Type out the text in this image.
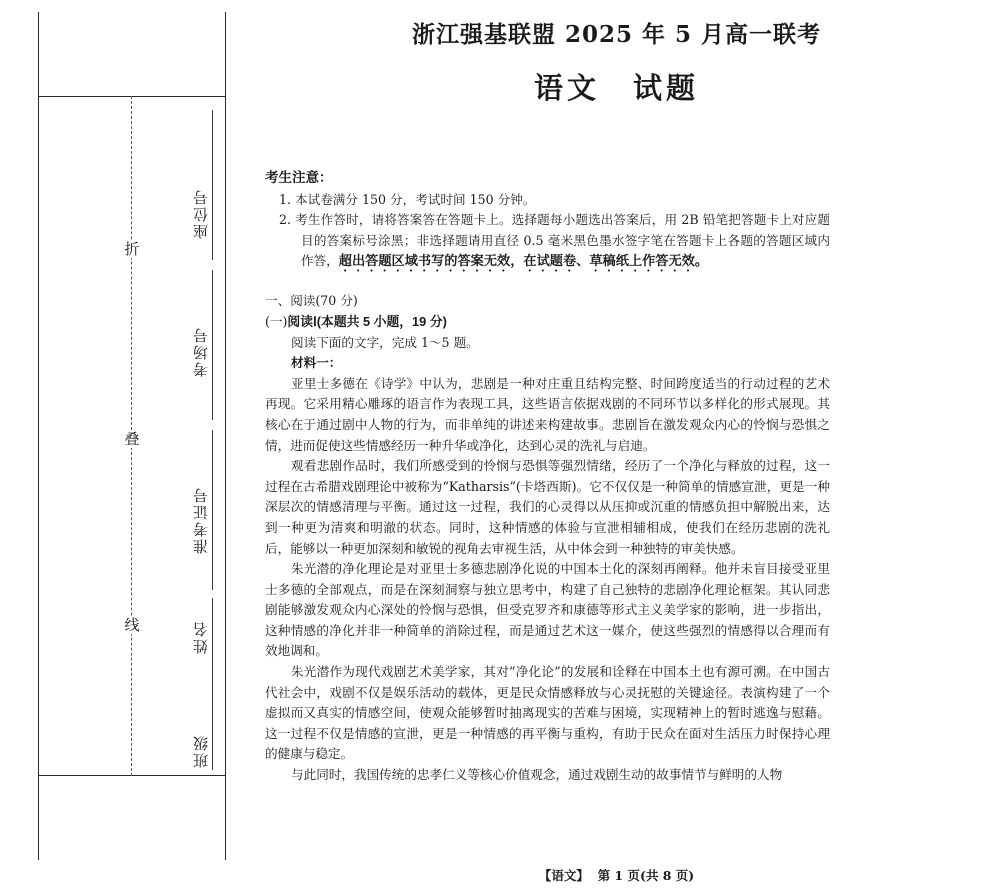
折
叠
线
座位号
考场号
准考证号
姓名
班级
浙江强基联盟 2025 年 5 月高一联考
语文　试题
考生注意：

1. 本试卷满分 150 分，考试时间 150 分钟。

2. 考生作答时，请将答案答在答题卡上。选择题每小题选出答案后，用 2B 铅笔把答题卡上对应题目的答案标号涂黑；非选择题请用直径 0.5 毫米黑色墨水签字笔在答题卡上各题的答题区域内作答，超出答题区域书写的答案无效，在试题卷、草稿纸上作答无效。

一、阅读(70 分)
(一)阅读Ⅰ(本题共 5 小题，19 分)
阅读下面的文字，完成 1～5 题。
材料一：

亚里士多德在《诗学》中认为，悲剧是一种对庄重且结构完整、时间跨度适当的行动过程的艺术再现。它采用精心雕琢的语言作为表现工具，这些语言依据戏剧的不同环节以多样化的形式展现。其核心在于通过剧中人物的行为，而非单纯的讲述来构建故事。悲剧旨在激发观众内心的怜悯与恐惧之情，进而促使这些情感经历一种升华或净化，达到心灵的洗礼与启迪。

观看悲剧作品时，我们所感受到的怜悯与恐惧等强烈情绪，经历了一个净化与释放的过程，这一过程在古希腊戏剧理论中被称为“Katharsis”(卡塔西斯)。它不仅仅是一种简单的情感宣泄，更是一种深层次的情感清理与平衡。通过这一过程，我们的心灵得以从压抑或沉重的情感负担中解脱出来，达到一种更为清爽和明澈的状态。同时，这种情感的体验与宣泄相辅相成，使我们在经历悲剧的洗礼后，能够以一种更加深刻和敏锐的视角去审视生活，从中体会到一种独特的审美快感。

朱光潜的净化理论是对亚里士多德悲剧净化说的中国本土化的深刻再阐释。他并未盲目接受亚里士多德的全部观点，而是在深刻洞察与独立思考中，构建了自己独特的悲剧净化理论框架。其认同悲剧能够激发观众内心深处的怜悯与恐惧，但受克罗齐和康德等形式主义美学家的影响，进一步指出，这种情感的净化并非一种简单的消除过程，而是通过艺术这一媒介，使这些强烈的情感得以合理而有效地调和。

朱光潜作为现代戏剧艺术美学家，其对“净化论”的发展和诠释在中国本土也有源可溯。在中国古代社会中，戏剧不仅是娱乐活动的载体，更是民众情感释放与心灵抚慰的关键途径。表演构建了一个虚拟而又真实的情感空间，使观众能够暂时抽离现实的苦难与困境，实现精神上的暂时逃逸与慰藉。这一过程不仅是情感的宣泄，更是一种情感的再平衡与重构，有助于民众在面对生活压力时保持心理的健康与稳定。

与此同时，我国传统的忠孝仁义等核心价值观念，通过戏剧生动的故事情节与鲜明的人物

【语文】 第 1 页(共 8 页)
